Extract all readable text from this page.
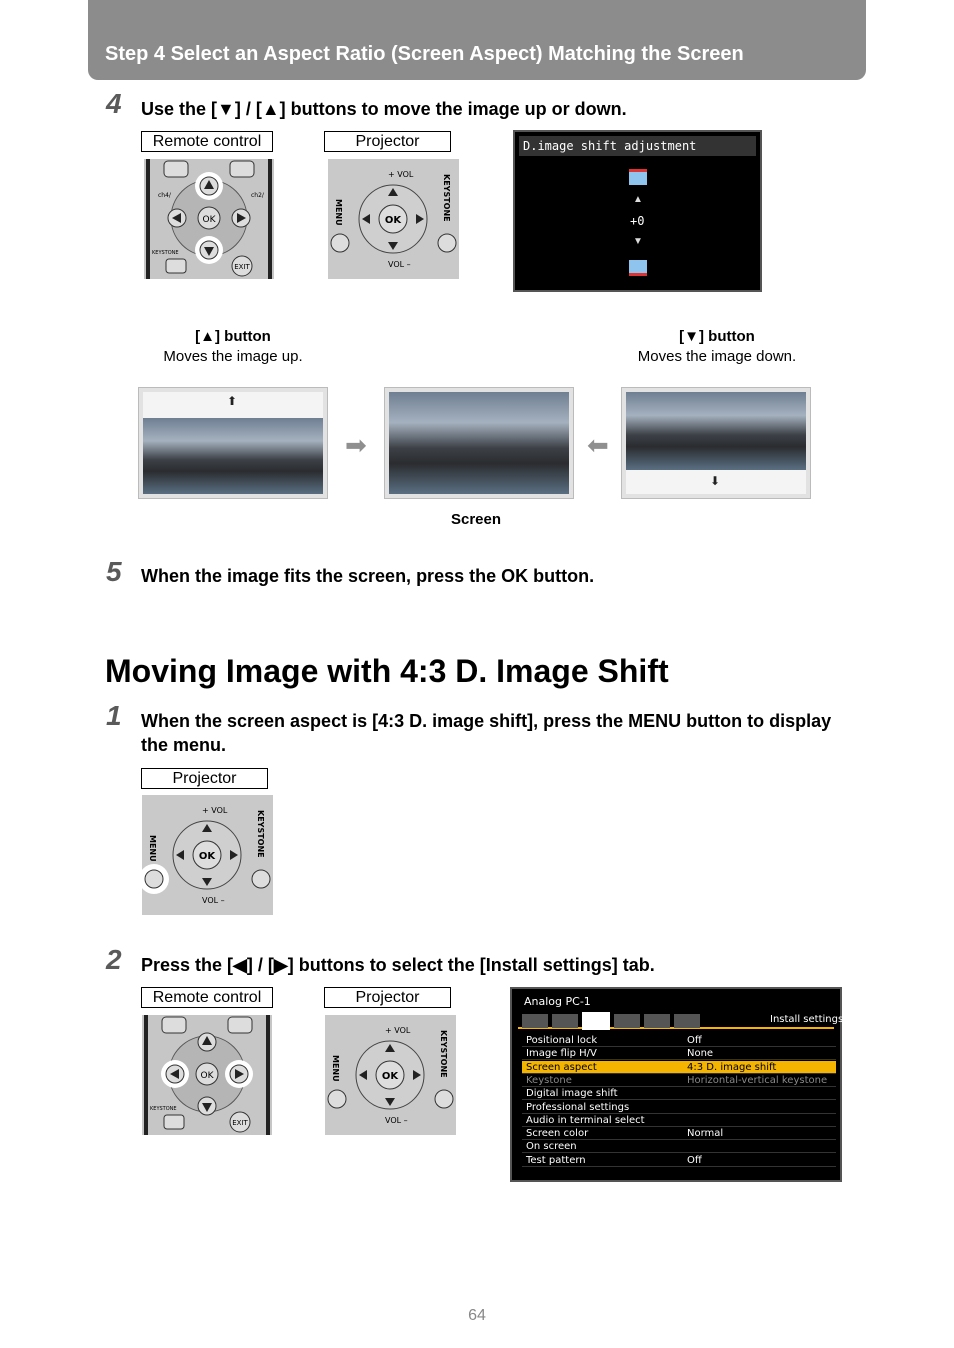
Step 4 Select an Aspect Ratio (Screen Aspect) Matching the Screen
4 Use the [▼] / [▲] buttons to move the image up or down.
Remote control	Projector
OK
ch4/	ch2/
KEYSTONE
EXIT
OK
MENU	KEYSTONE
+ VOL
VOL –
D.image shift adjustment
▲
+0
▼
[▲] button
Moves the image up.
[▼] button
Moves the image down.
⬆
➡	⬅
⬇
Screen
5 When the image fits the screen, press the OK button.
Moving Image with 4:3 D. Image Shift
1 When the screen aspect is [4:3 D. image shift], press the MENU button to display the menu.
Projector
OK
MENU	KEYSTONE
+ VOL
VOL –
2 Press the [◀] / [▶] buttons to select the [Install settings] tab.
Remote control	Projector
OK
KEYSTONE
EXIT
OK
MENU	KEYSTONE
+ VOL
VOL –
Analog PC-1
Install settings
Positional lock	Off
Image flip H/V	None
Screen aspect	4:3 D. image shift
Keystone	Horizontal-vertical keystone
Digital image shift
Professional settings
Audio in terminal select
Screen color	Normal
On screen
Test pattern	Off
64
